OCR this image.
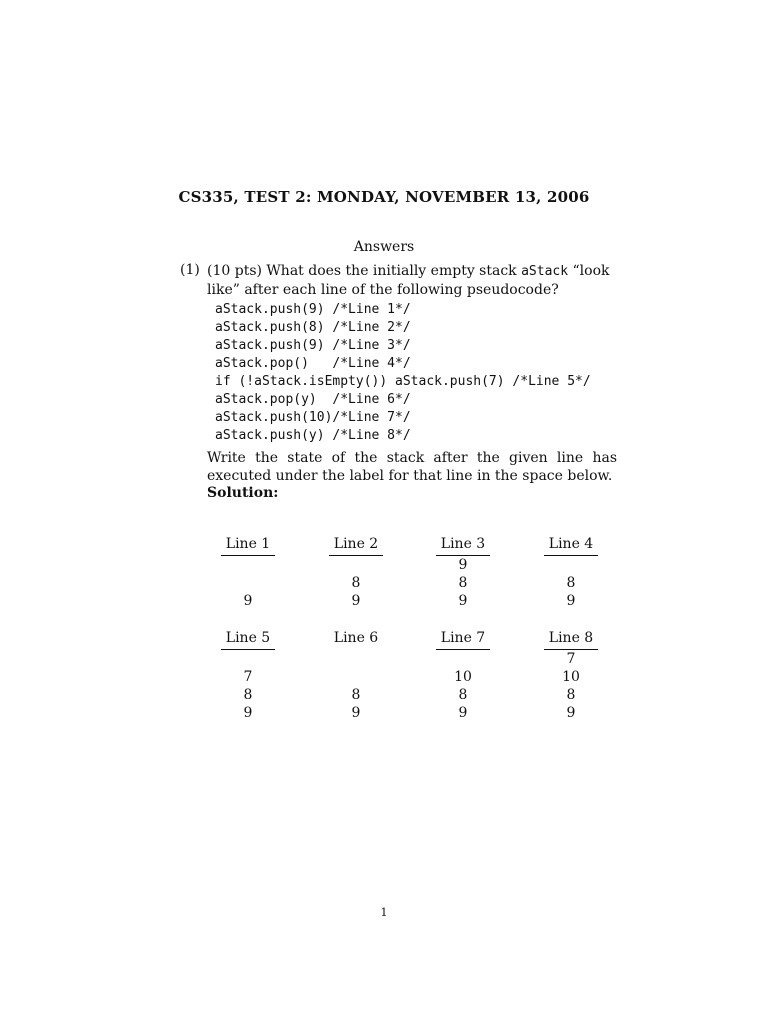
CS335, TEST 2: MONDAY, NOVEMBER 13, 2006
Answers
(1) (10 pts) What does the initially empty stack aStack “look like” after each line of the following pseudocode?
aStack.push(9) /*Line 1*/
aStack.push(8) /*Line 2*/
aStack.push(9) /*Line 3*/
aStack.pop()   /*Line 4*/
if (!aStack.isEmpty()) aStack.push(7) /*Line 5*/
aStack.pop(y)  /*Line 6*/
aStack.push(10)/*Line 7*/
aStack.push(y) /*Line 8*/
Write the state of the stack after the given line has executed under the label for that line in the space below.
Solution:
Line 1
9
Line 2
8
9
Line 3
9
8
9
Line 4
8
9
Line 5
7
8
9
Line 6
8
9
Line 7
10
8
9
Line 8
7
10
8
9
1
